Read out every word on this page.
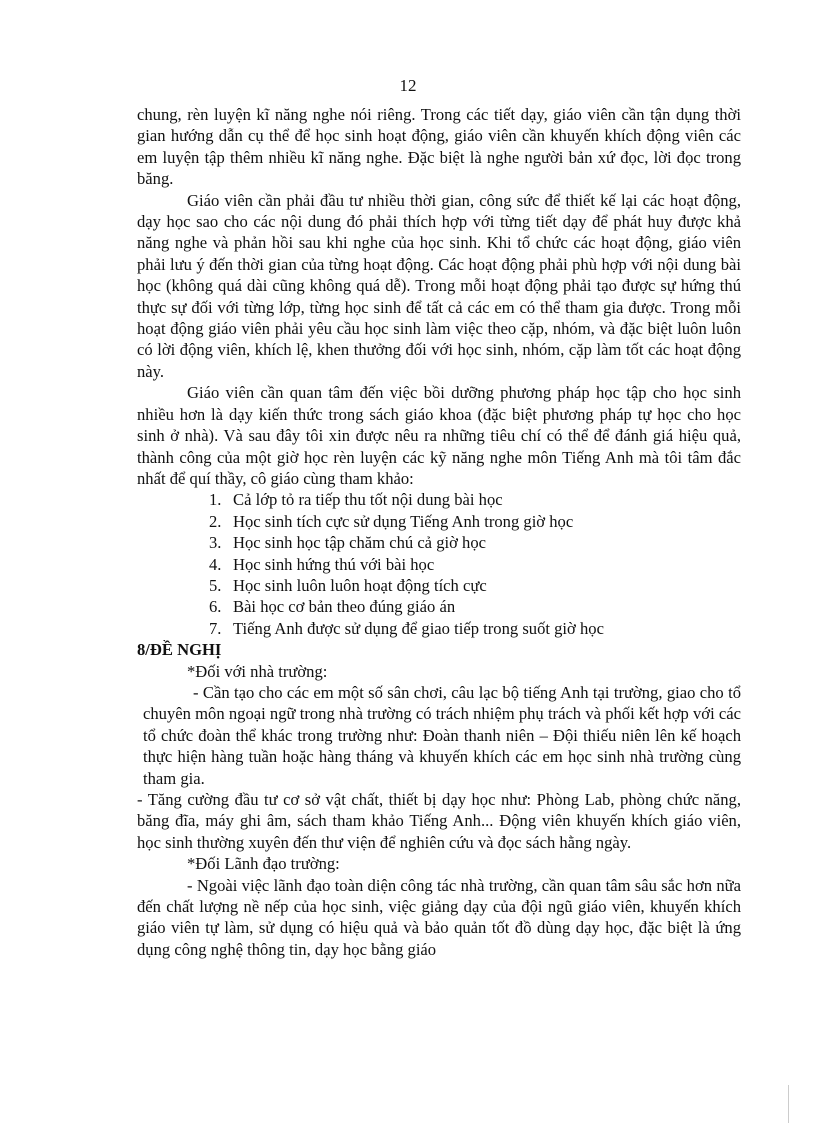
12

chung, rèn luyện kĩ năng nghe nói riêng. Trong các tiết dạy, giáo viên cần tận dụng thời gian hướng dẫn cụ thể để học sinh hoạt động, giáo viên cần khuyến khích động viên các em luyện tập thêm nhiều kĩ năng nghe. Đặc biệt là nghe người bản xứ đọc, lời đọc trong băng.

Giáo viên cần phải đầu tư nhiều thời gian, công sức để thiết kế lại các hoạt động, dạy học sao cho các nội dung đó phải thích hợp với từng tiết dạy để phát huy được khả năng nghe và phản hồi sau khi nghe của học sinh. Khi tổ chức các hoạt động, giáo viên phải lưu ý đến thời gian của từng hoạt động. Các hoạt động phải phù hợp với nội dung bài học (không quá dài cũng không quá dễ). Trong mỗi hoạt động phải tạo được sự hứng thú thực sự đối với từng lớp, từng học sinh để tất cả các em có thể tham gia được. Trong mỗi hoạt động giáo viên phải yêu cầu học sinh làm việc theo cặp, nhóm, và đặc biệt luôn luôn có lời động viên, khích lệ, khen thưởng đối với học sinh, nhóm, cặp làm tốt các hoạt động này.

Giáo viên cần quan tâm đến việc bồi dưỡng phương pháp học tập cho học sinh nhiều hơn là dạy kiến thức trong sách giáo khoa (đặc biệt phương pháp tự học cho học sinh ở nhà). Và sau đây tôi xin được nêu ra những tiêu chí có thể để đánh giá hiệu quả, thành công của một giờ học rèn luyện các kỹ năng nghe môn Tiếng Anh mà tôi tâm đắc nhất để quí thầy, cô giáo cùng tham khảo:

1. Cả lớp tỏ ra tiếp thu tốt nội dung bài học
2. Học sinh tích cực sử dụng Tiếng Anh trong giờ học
3. Học sinh học tập chăm chú cả giờ học
4. Học sinh hứng thú với bài học
5. Học sinh luôn luôn hoạt động tích cực
6. Bài học cơ bản theo đúng giáo án
7. Tiếng Anh được sử dụng để giao tiếp trong suốt giờ học

8/ĐỀ NGHỊ

*Đối với nhà trường:

- Cần tạo cho các em một số sân chơi, câu lạc bộ tiếng Anh tại trường, giao cho tổ chuyên môn ngoại ngữ trong nhà trường có trách nhiệm phụ trách và phối kết hợp với các tổ chức đoàn thể khác trong trường như: Đoàn thanh niên – Đội thiếu niên lên kế hoạch thực hiện hàng tuần hoặc hàng tháng và khuyến khích các em học sinh nhà trường cùng tham gia.

- Tăng cường đầu tư cơ sở vật chất, thiết bị dạy học như: Phòng Lab, phòng chức năng, băng đĩa, máy ghi âm, sách tham khảo Tiếng Anh... Động viên khuyến khích giáo viên, học sinh thường xuyên đến thư viện để nghiên cứu và đọc sách hằng ngày.

*Đối Lãnh đạo trường:

- Ngoài việc lãnh đạo toàn diện công tác nhà trường, cần quan tâm sâu sắc hơn nữa đến chất lượng nề nếp của học sinh, việc giảng dạy của đội ngũ giáo viên, khuyến khích giáo viên tự làm, sử dụng có hiệu quả và bảo quản tốt đồ dùng dạy học, đặc biệt là ứng dụng công nghệ thông tin, dạy học bằng giáo
